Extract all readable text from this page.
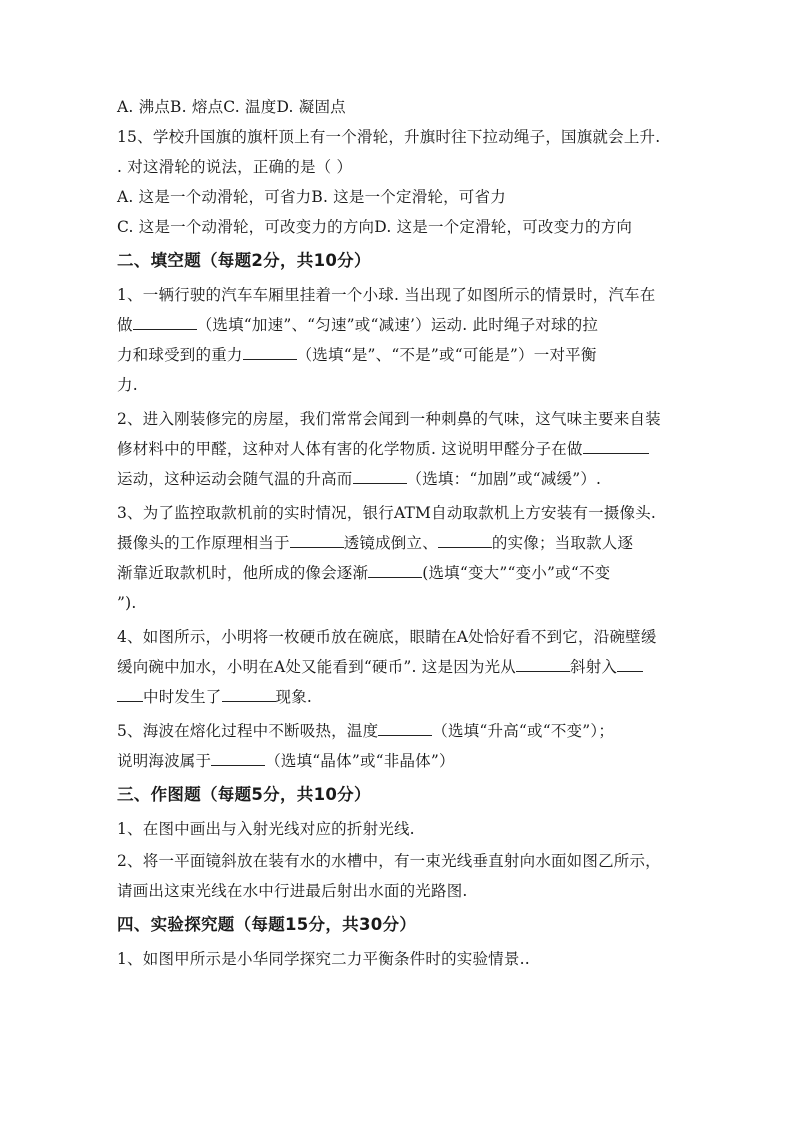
A. 沸点B. 熔点C. 温度D. 凝固点
15、学校升国旗的旗杆顶上有一个滑轮，升旗时往下拉动绳子，国旗就会上升.
. 对这滑轮的说法，正确的是（ ）
A. 这是一个动滑轮，可省力B. 这是一个定滑轮，可省力
C. 这是一个动滑轮，可改变力的方向D. 这是一个定滑轮，可改变力的方向
二、填空题（每题2分，共10分）
1、一辆行驶的汽车车厢里挂着一个小球. 当出现了如图所示的情景时，汽车在
做	（选填“加速”、“匀速”或“减速’）运动. 此时绳子对球的拉
力和球受到的重力	（选填“是”、“不是”或“可能是”）一对平衡
力.
2、进入刚装修完的房屋，我们常常会闻到一种刺鼻的气味，这气味主要来自装
修材料中的甲醛，这种对人体有害的化学物质. 这说明甲醛分子在做
运动，这种运动会随气温的升高而	（选填：“加剧”或“减缓”）.
3、为了监控取款机前的实时情况，银行ATM自动取款机上方安装有一摄像头.
摄像头的工作原理相当于	透镜成倒立、	的实像；当取款人逐
渐靠近取款机时，他所成的像会逐渐	(选填“变大”“变小”或“不变
”).
4、如图所示，小明将一枚硬币放在碗底，眼睛在A处恰好看不到它，沿碗壁缓
缓向碗中加水，小明在A处又能看到“硬币”. 这是因为光从	斜射入
中时发生了	现象.
5、海波在熔化过程中不断吸热，温度	（选填“升高“或“不变”）；
说明海波属于	（选填“晶体”或“非晶体”）
三、作图题（每题5分，共10分）
1、在图中画出与入射光线对应的折射光线.
2、将一平面镜斜放在装有水的水槽中，有一束光线垂直射向水面如图乙所示，
请画出这束光线在水中行进最后射出水面的光路图.
四、实验探究题（每题15分，共30分）
1、如图甲所示是小华同学探究二力平衡条件时的实验情景..
